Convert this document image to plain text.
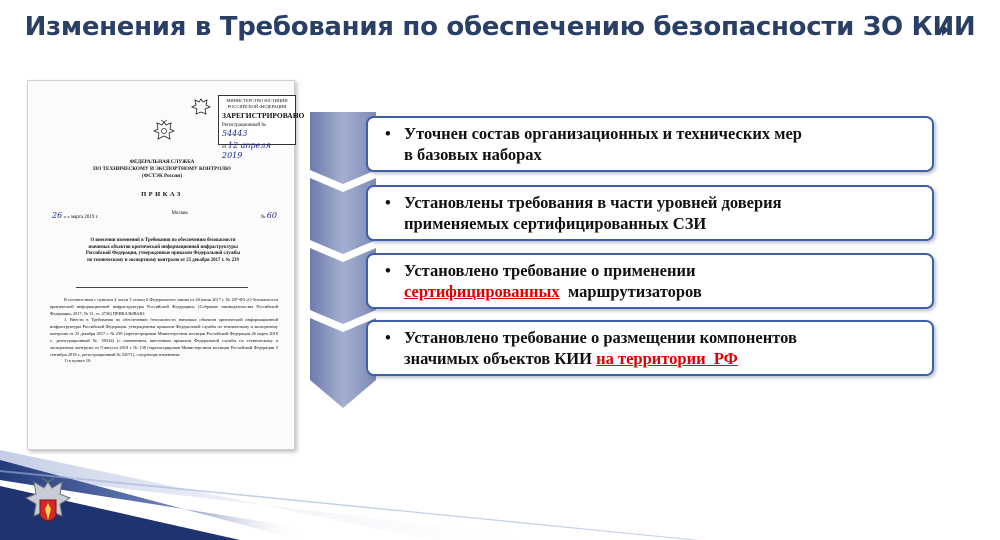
Изменения в Требования по обеспечению безопасности ЗО КИИ
МИНИСТЕРСТВО ЮСТИЦИИ РОССИЙСКОЙ ФЕДЕРАЦИИ
ЗАРЕГИСТРИРОВАНО
Регистрационный № 54443
от 12 апреля 2019
ФЕДЕРАЛЬНАЯ СЛУЖБА
ПО ТЕХНИЧЕСКОМУ И ЭКСПОРТНОМУ КОНТРОЛЮ
(ФСТЭК России)
ПРИКАЗ
26 « » марта 2019 г.
Москва
№ 60
О внесении изменений в Требования по обеспечению безопасности
значимых объектов критической информационной инфраструктуры
Российской Федерации, утвержденные приказом Федеральной службы
по техническому и экспортному контролю от 25 декабря 2017 г. № 239

В соответствии с пунктом 4 части 3 статьи 6 Федерального закона от 26 июля 2017 г. № 187-ФЗ «О безопасности критической информационной инфраструктуры Российской Федерации» (Собрание законодательства Российской Федерации, 2017, № 31, ст. 4736) ПРИКАЗЫВАЮ:

1. Внести в Требования по обеспечению безопасности значимых объектов критической информационной инфраструктуры Российской Федерации, утвержденные приказом Федеральной службы по техническому и экспортному контролю от 25 декабря 2017 г. № 239 (зарегистрирован Министерством юстиции Российской Федерации 26 марта 2018 г., регистрационный № 50524) (с изменением, внесенным приказом Федеральной службы по техническому и экспортному контролю от 9 августа 2018 г. № 138 (зарегистрирован Министерством юстиции Российской Федерации 5 сентября 2018 г., регистрационный № 52071), следующие изменения:

1) в пункте 10:

• Уточнен состав организационных и технических мер
в базовых наборах
• Установлены требования в части уровней доверия
применяемых сертифицированных СЗИ
• Установлено требование о применении
сертифицированных  маршрутизаторов
• Установлено требование о размещении компонентов
значимых объектов КИИ на территории  РФ
